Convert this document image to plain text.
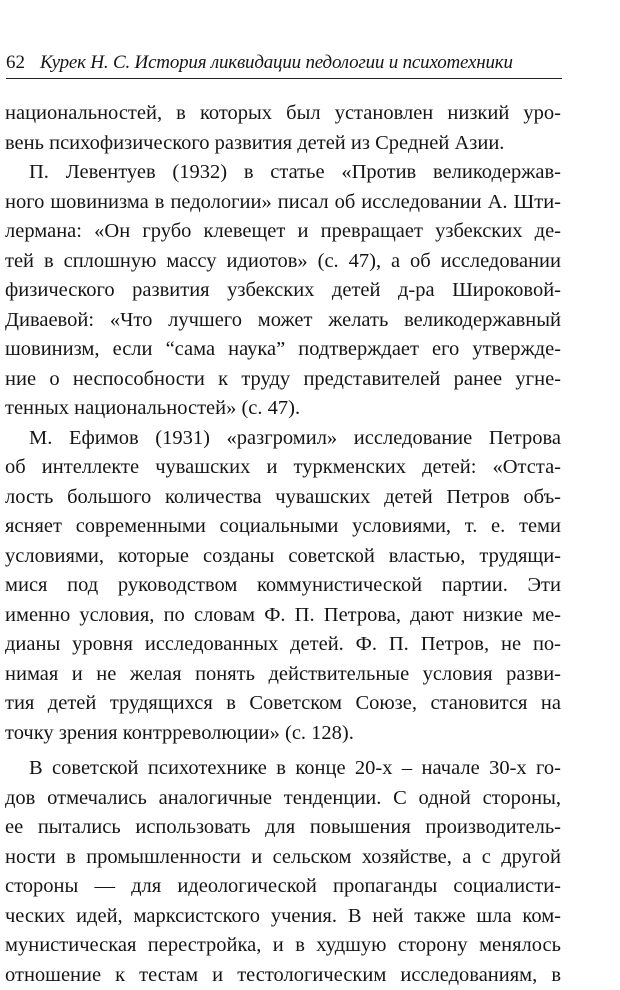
62 Курек Н. С. История ликвидации педологии и психотехники
национальностей, в которых был установлен низкий уро-
вень психофизического развития детей из Средней Азии.
П. Левентуев (1932) в статье «Против великодержав-
ного шовинизма в педологии» писал об исследовании А. Шти-
лермана: «Он грубо клевещет и превращает узбекских де-
тей в сплошную массу идиотов» (с. 47), а об исследовании
физического развития узбекских детей д-ра Широковой-
Диваевой: «Что лучшего может желать великодержавный
шовинизм, если “сама наука” подтверждает его утвержде-
ние о неспособности к труду представителей ранее угне-
тенных национальностей» (с. 47).
М. Ефимов (1931) «разгромил» исследование Петрова
об интеллекте чувашских и туркменских детей: «Отста-
лость большого количества чувашских детей Петров объ-
ясняет современными социальными условиями, т. е. теми
условиями, которые созданы советской властью, трудящи-
мися под руководством коммунистической партии. Эти
именно условия, по словам Ф. П. Петрова, дают низкие ме-
дианы уровня исследованных детей. Ф. П. Петров, не по-
нимая и не желая понять действительные условия разви-
тия детей трудящихся в Советском Союзе, становится на
точку зрения контрреволюции» (с. 128).
В советской психотехнике в конце 20-х – начале 30-х го-
дов отмечались аналогичные тенденции. С одной стороны,
ее пытались использовать для повышения производитель-
ности в промышленности и сельском хозяйстве, а с другой
стороны — для идеологической пропаганды социалисти-
ческих идей, марксистского учения. В ней также шла ком-
мунистическая перестройка, и в худшую сторону менялось
отношение к тестам и тестологическим исследованиям, в
